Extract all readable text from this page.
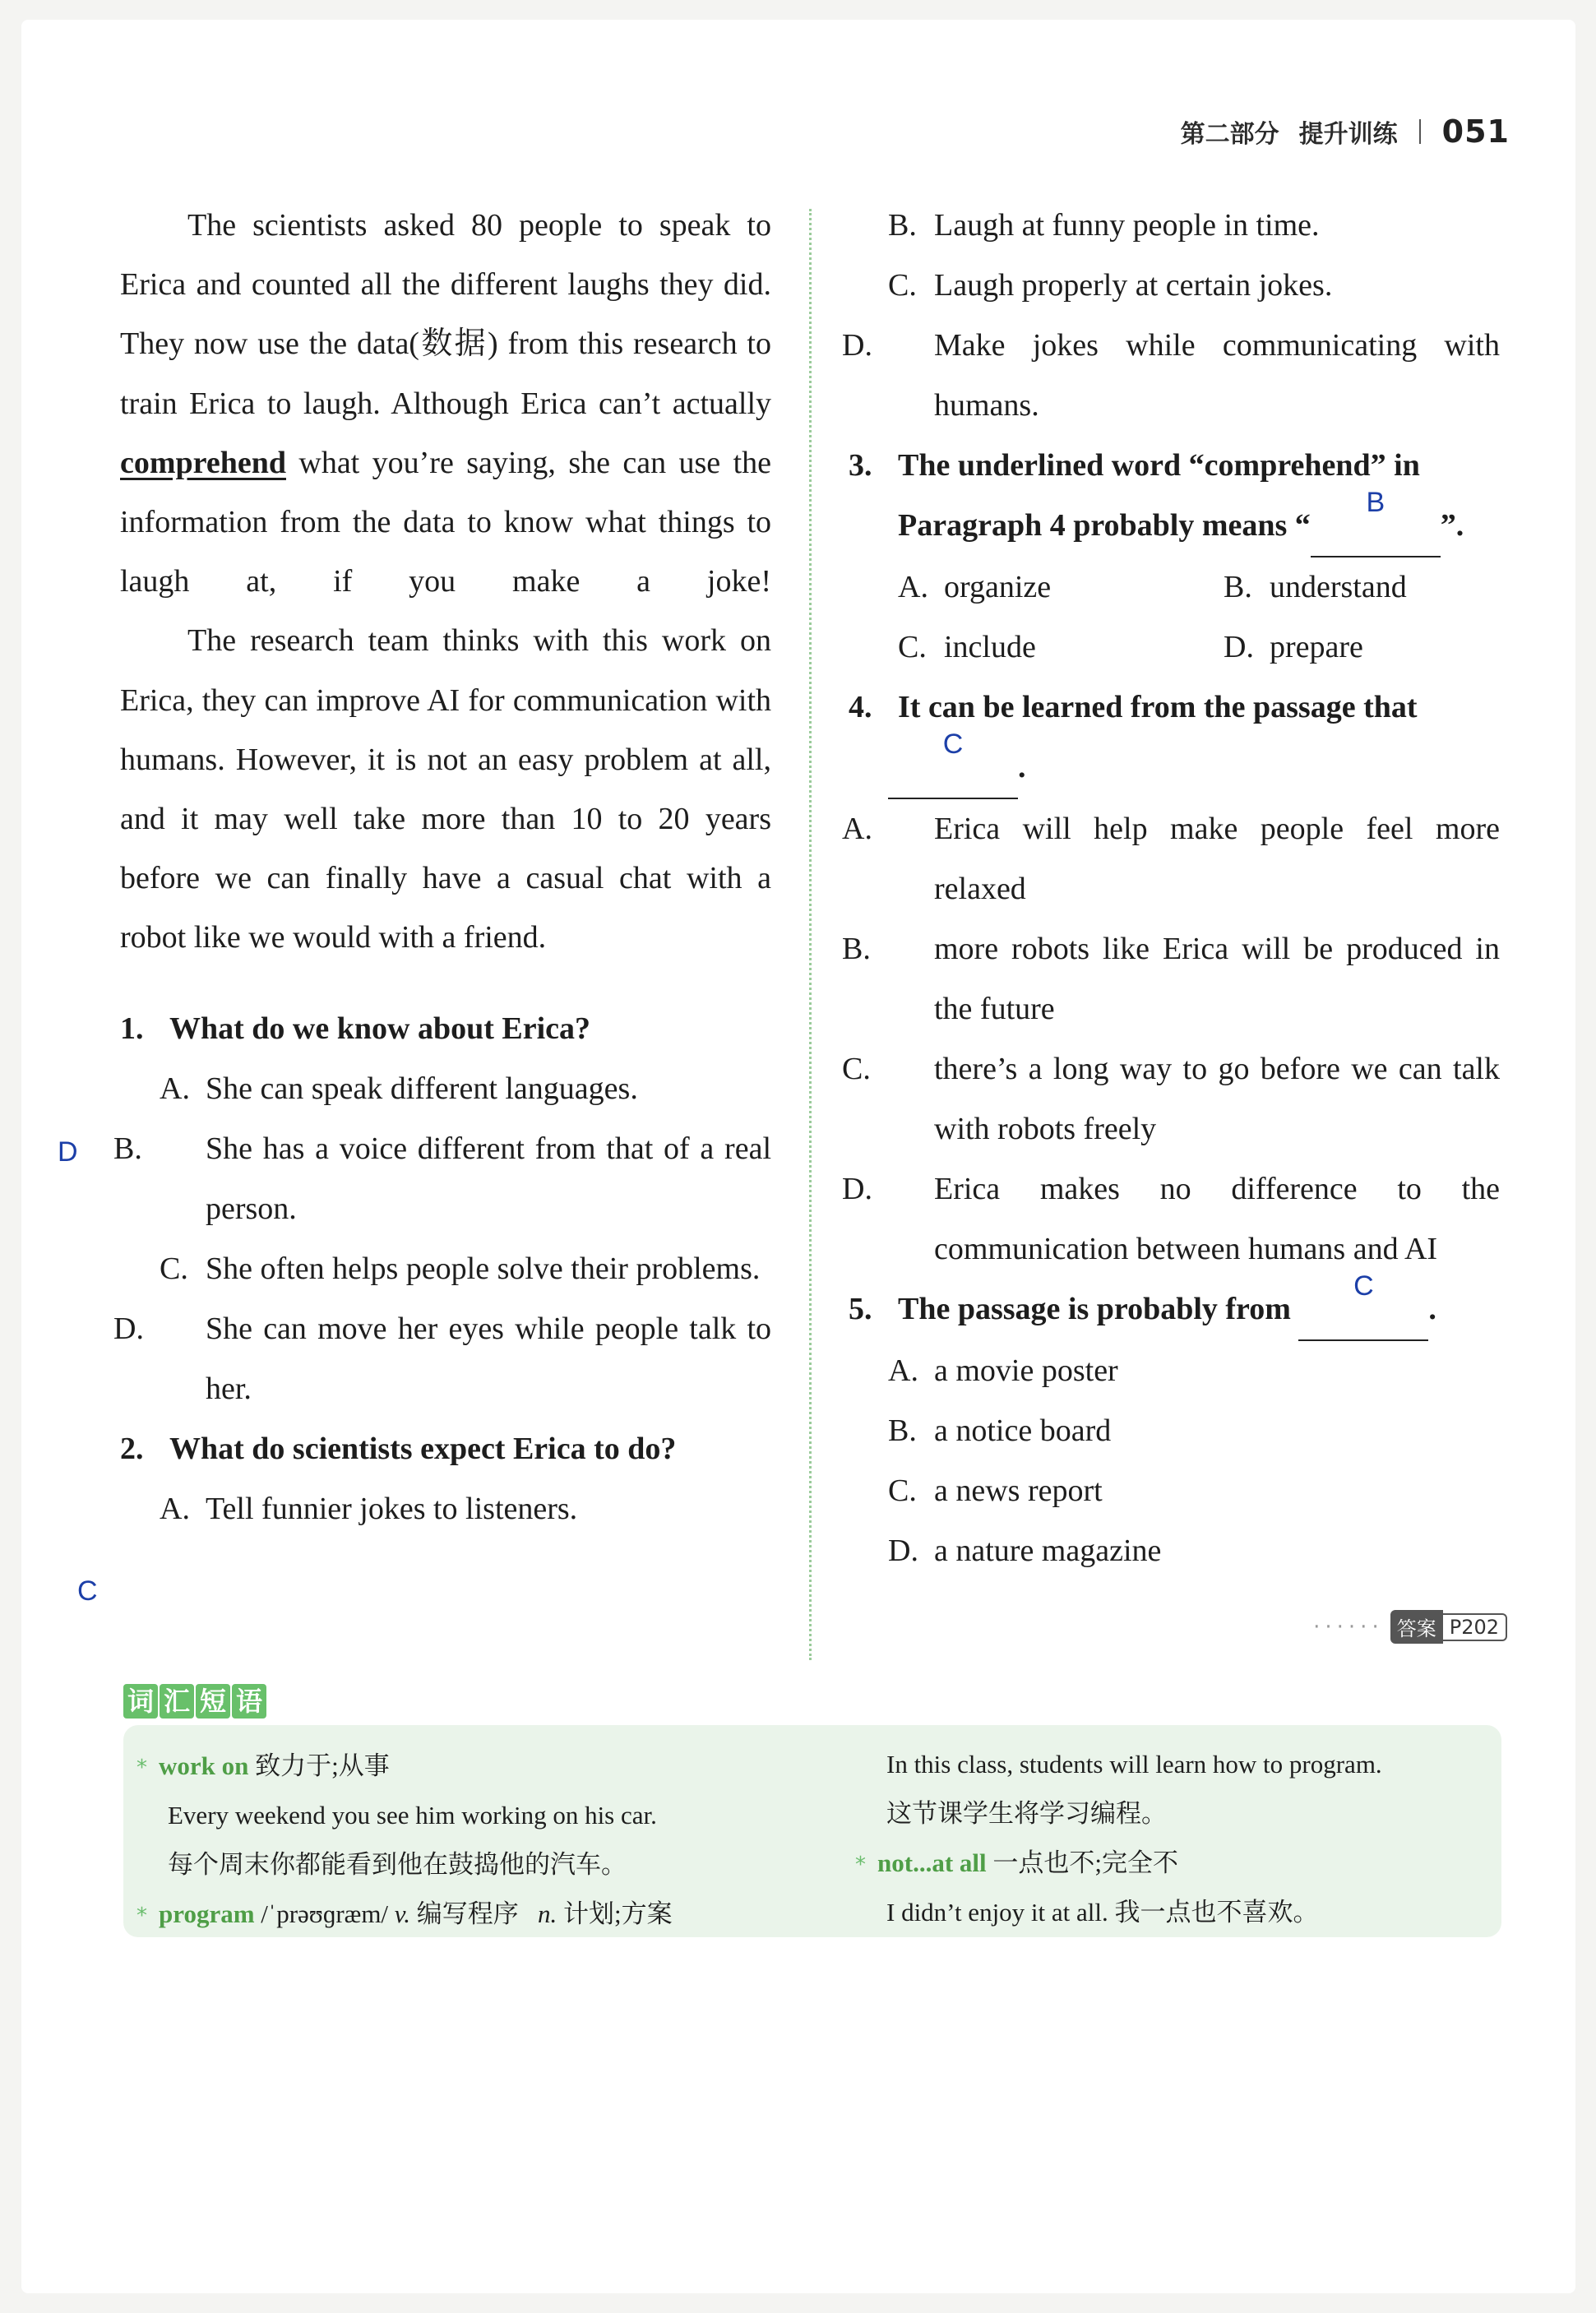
第二部分 提升训练 051

The scientists asked 80 people to speak to Erica and counted all the different laughs they did. They now use the data(数据) from this research to train Erica to laugh. Although Erica can’t actually comprehend what you’re saying, she can use the information from the data to know what things to laugh at, if you make a joke!

The research team thinks with this work on Erica, they can improve AI for communication with humans. However, it is not an easy problem at all, and it may well take more than 10 to 20 years before we can finally have a casual chat with a robot like we would with a friend.

1. What do we know about Erica?

A. She can speak different languages.

B. She has a voice different from that of a real person.

C. She often helps people solve their problems.

D. She can move her eyes while people talk to her.

2. What do scientists expect Erica to do?

A. Tell funnier jokes to listeners.

D
C

B. Laugh at funny people in time.

C. Laugh properly at certain jokes.

D. Make jokes while communicating with humans.

3. The underlined word “comprehend” in

Paragraph 4 probably means “
B

”.

A. organize	B. understand

C. include	D. prepare

4. It can be learned from the passage that

C

.

A. Erica will help make people feel more relaxed

B. more robots like Erica will be produced in the future

C. there’s a long way to go before we can talk with robots freely

D. Erica makes no difference to the communication between humans and AI

5. The passage is probably from

C

.

A. a movie poster

B. a notice board

C. a news report

D. a nature magazine

······ 答案 P202
词 汇 短 语
* work on 致力于;从事
Every weekend you see him working on his car.
每个周末你都能看到他在鼓捣他的汽车。
* program /ˈprəʊɡræm/ v. 编写程序 n. 计划;方案
In this class, students will learn how to program.
这节课学生将学习编程。
* not...at all 一点也不;完全不
I didn’t enjoy it at all. 我一点也不喜欢。
